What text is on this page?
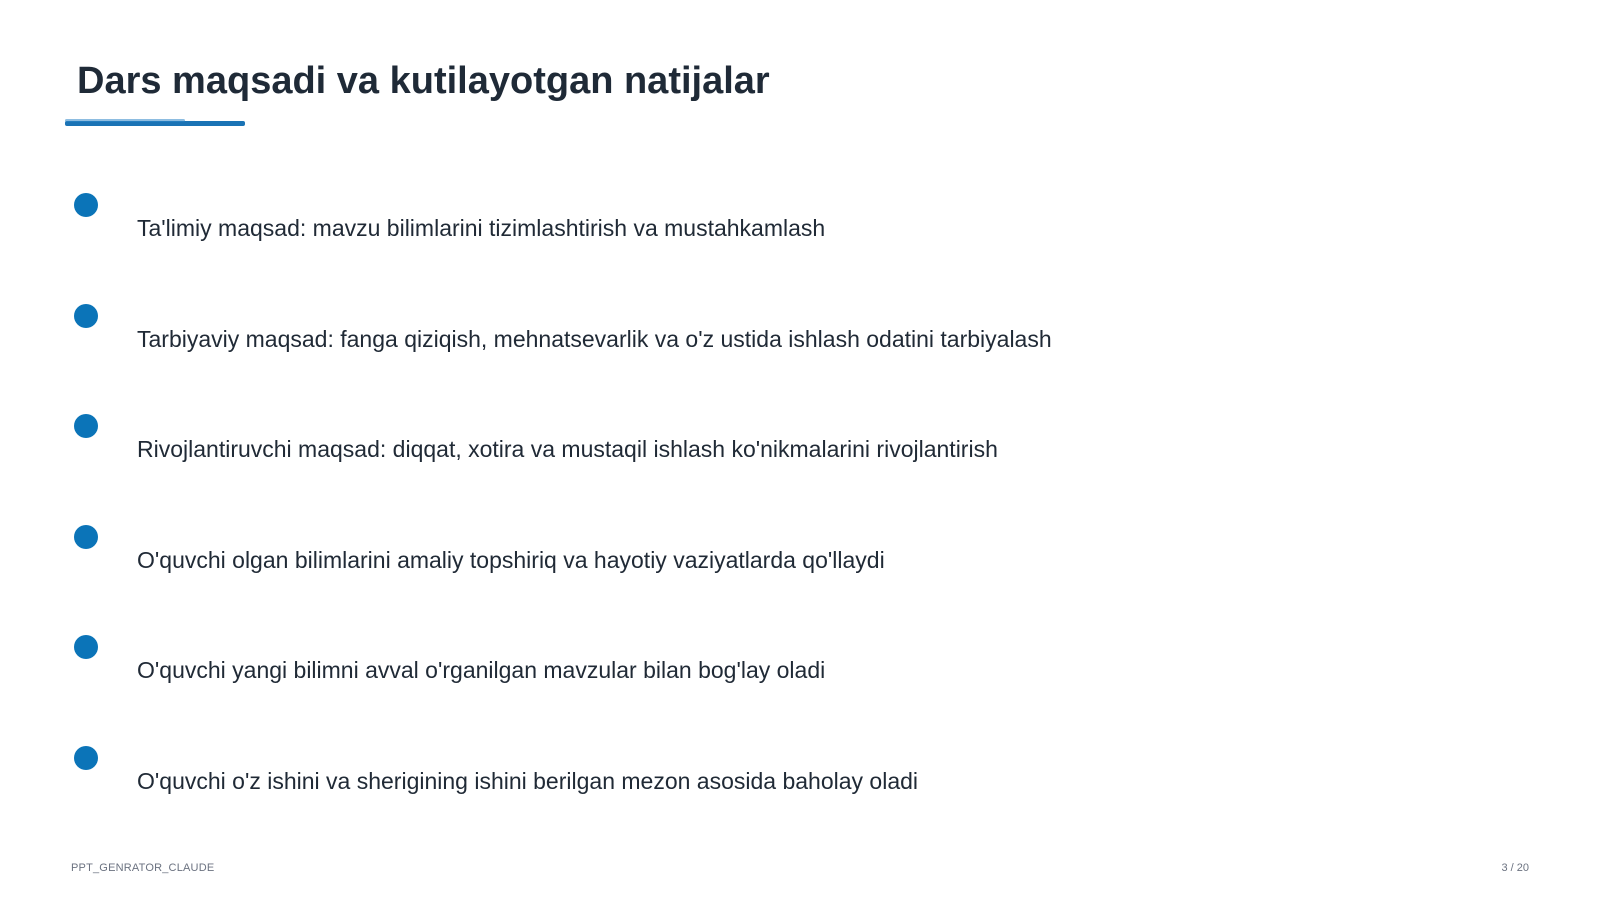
Dars maqsadi va kutilayotgan natijalar
Ta'limiy maqsad: mavzu bilimlarini tizimlashtirish va mustahkamlash
Tarbiyaviy maqsad: fanga qiziqish, mehnatsevarlik va o'z ustida ishlash odatini tarbiyalash
Rivojlantiruvchi maqsad: diqqat, xotira va mustaqil ishlash ko'nikmalarini rivojlantirish
O'quvchi olgan bilimlarini amaliy topshiriq va hayotiy vaziyatlarda qo'llaydi
O'quvchi yangi bilimni avval o'rganilgan mavzular bilan bog'lay oladi
O'quvchi o'z ishini va sherigining ishini berilgan mezon asosida baholay oladi
PPT_GENRATOR_CLAUDE	3 / 20
